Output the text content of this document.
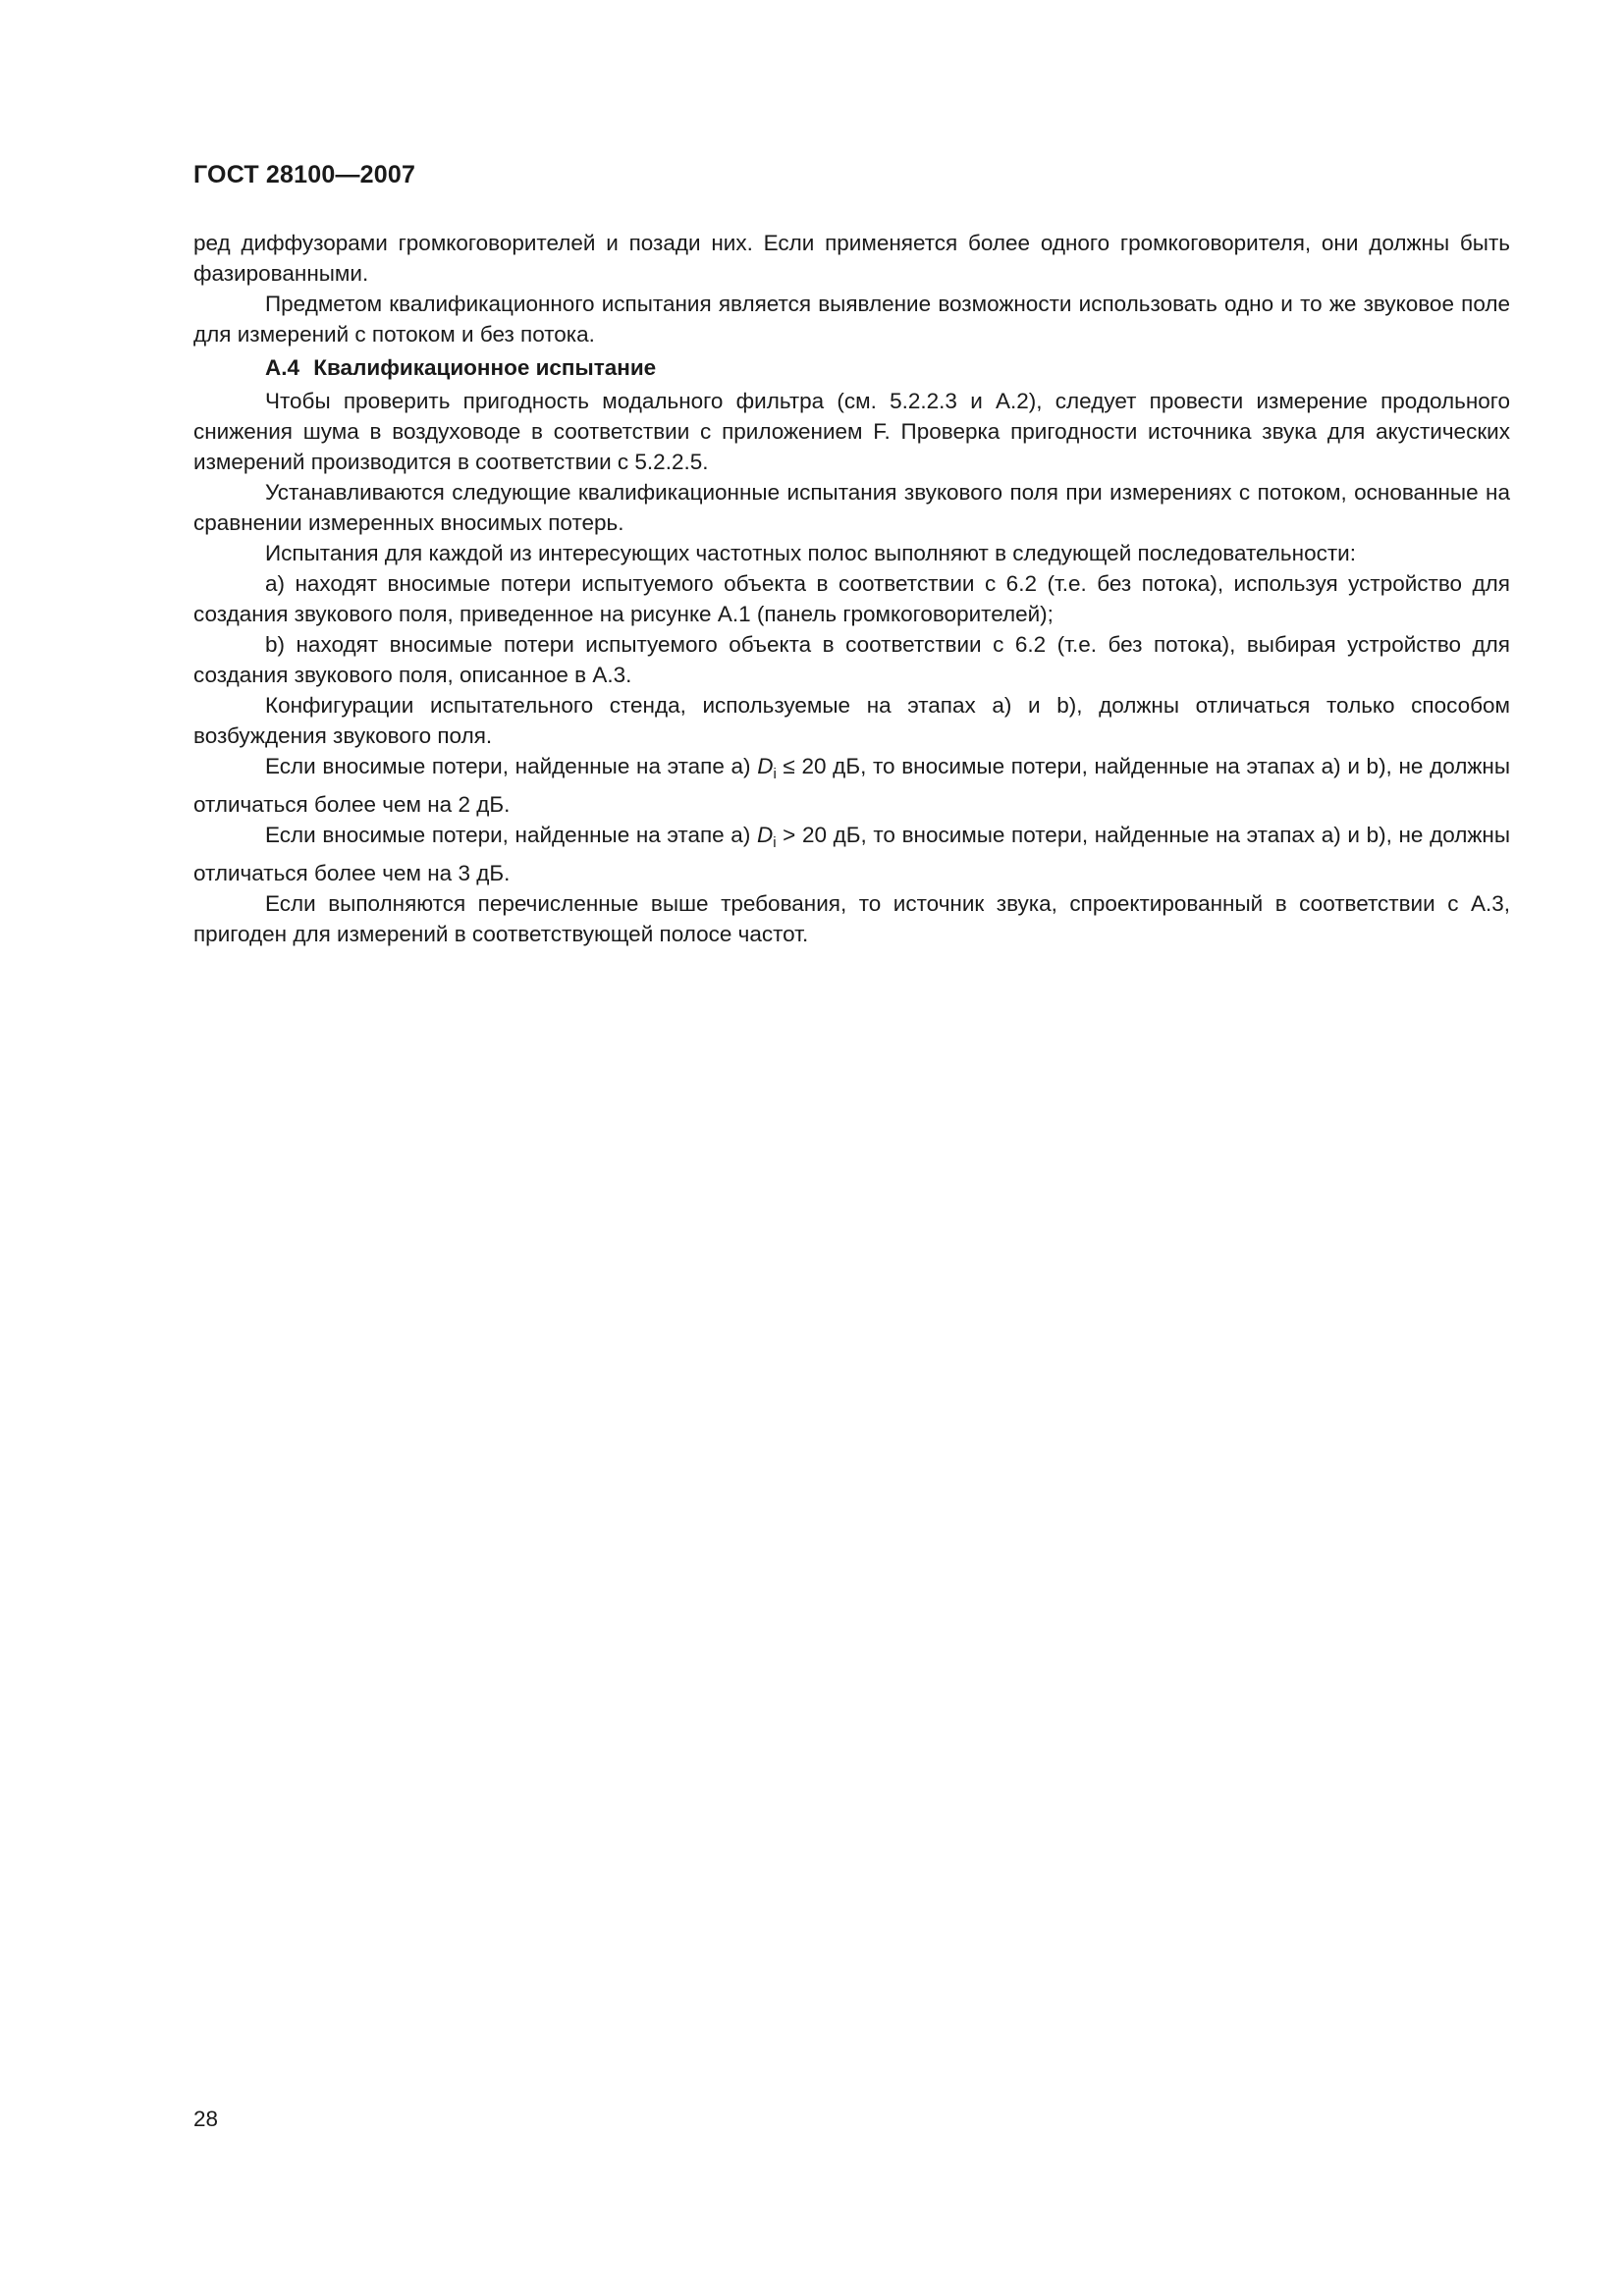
ГОСТ 28100—2007

ред диффузорами громкоговорителей и позади них. Если применяется более одного громкоговорителя, они должны быть фазированными.

Предметом квалификационного испытания является выявление возможности использовать одно и то же звуковое поле для измерений с потоком и без потока.

А.4 Квалификационное испытание

Чтобы проверить пригодность модального фильтра (см. 5.2.2.3 и А.2), следует провести измерение продольного снижения шума в воздуховоде в соответствии с приложением F. Проверка пригодности источника звука для акустических измерений производится в соответствии с 5.2.2.5.

Устанавливаются следующие квалификационные испытания звукового поля при измерениях с потоком, основанные на сравнении измеренных вносимых потерь.

Испытания для каждой из интересующих частотных полос выполняют в следующей последовательности:

a) находят вносимые потери испытуемого объекта в соответствии с 6.2 (т.е. без потока), используя устройство для создания звукового поля, приведенное на рисунке А.1 (панель громкоговорителей);

b) находят вносимые потери испытуемого объекта в соответствии с 6.2 (т.е. без потока), выбирая устройство для создания звукового поля, описанное в А.3.

Конфигурации испытательного стенда, используемые на этапах а) и b), должны отличаться только способом возбуждения звукового поля.

Если вносимые потери, найденные на этапе а) $D_i \le 20$ дБ, то вносимые потери, найденные на этапах а) и b), не должны отличаться более чем на 2 дБ.

Если вносимые потери, найденные на этапе а) $D_i > 20$ дБ, то вносимые потери, найденные на этапах а) и b), не должны отличаться более чем на 3 дБ.

Если выполняются перечисленные выше требования, то источник звука, спроектированный в соответствии с А.3, пригоден для измерений в соответствующей полосе частот.

28
